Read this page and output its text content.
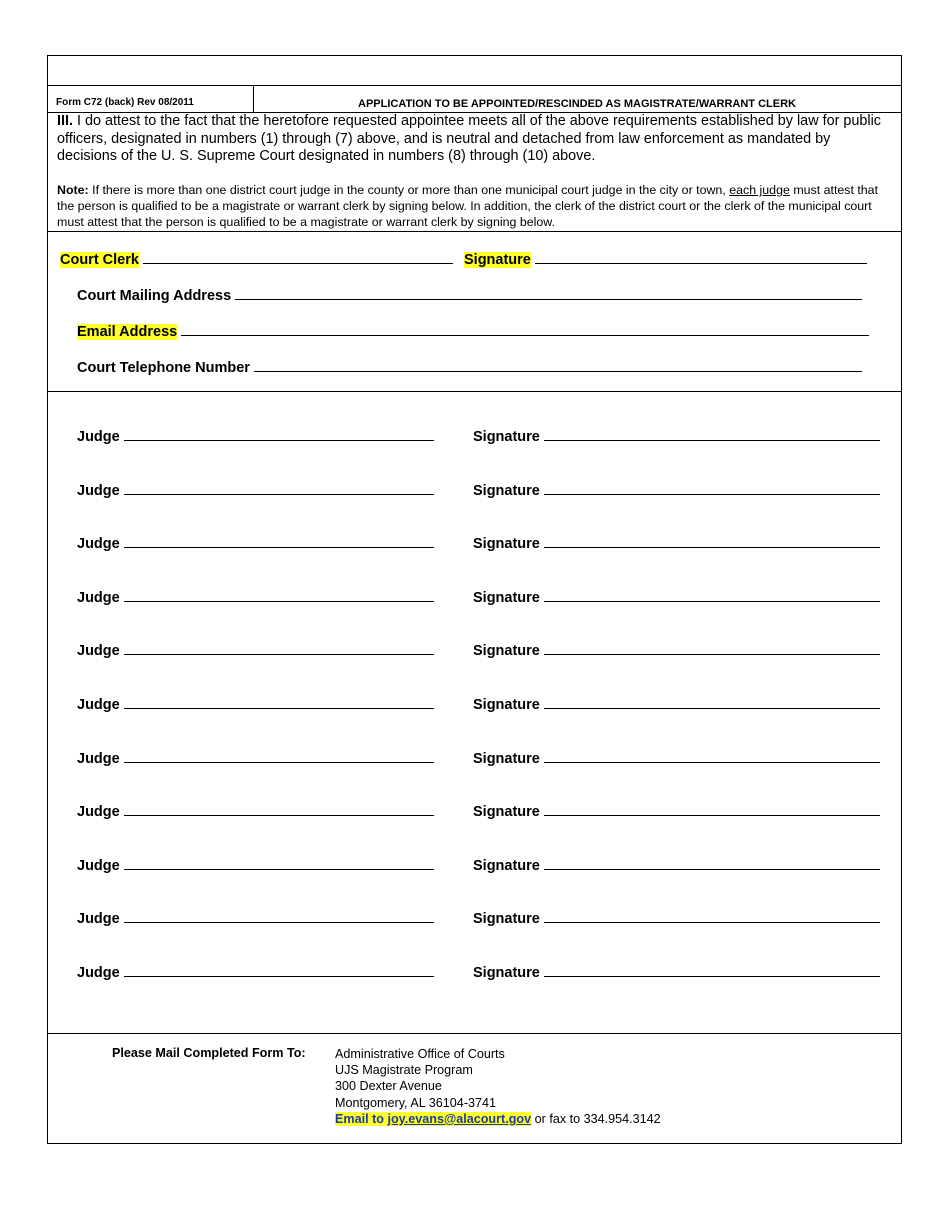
Form C72 (back) Rev 08/2011	APPLICATION TO BE APPOINTED/RESCINDED AS MAGISTRATE/WARRANT CLERK
III. I do attest to the fact that the heretofore requested appointee meets all of the above requirements established by law for public officers, designated in numbers (1) through (7) above, and is neutral and detached from law enforcement as mandated by decisions of the U. S. Supreme Court designated in numbers (8) through (10) above.
Note: If there is more than one district court judge in the county or more than one municipal court judge in the city or town, each judge must attest that the person is qualified to be a magistrate or warrant clerk by signing below. In addition, the clerk of the district court or the clerk of the municipal court must attest that the person is qualified to be a magistrate or warrant clerk by signing below.
Court Clerk	Signature
Court Mailing Address
Email Address
Court Telephone Number
Judge	Signature
Judge	Signature
Judge	Signature
Judge	Signature
Judge	Signature
Judge	Signature
Judge	Signature
Judge	Signature
Judge	Signature
Judge	Signature
Judge	Signature
Please Mail Completed Form To: Administrative Office of Courts
UJS Magistrate Program
300 Dexter Avenue
Montgomery, AL 36104-3741
Email to joy.evans@alacourt.gov or fax to 334.954.3142
